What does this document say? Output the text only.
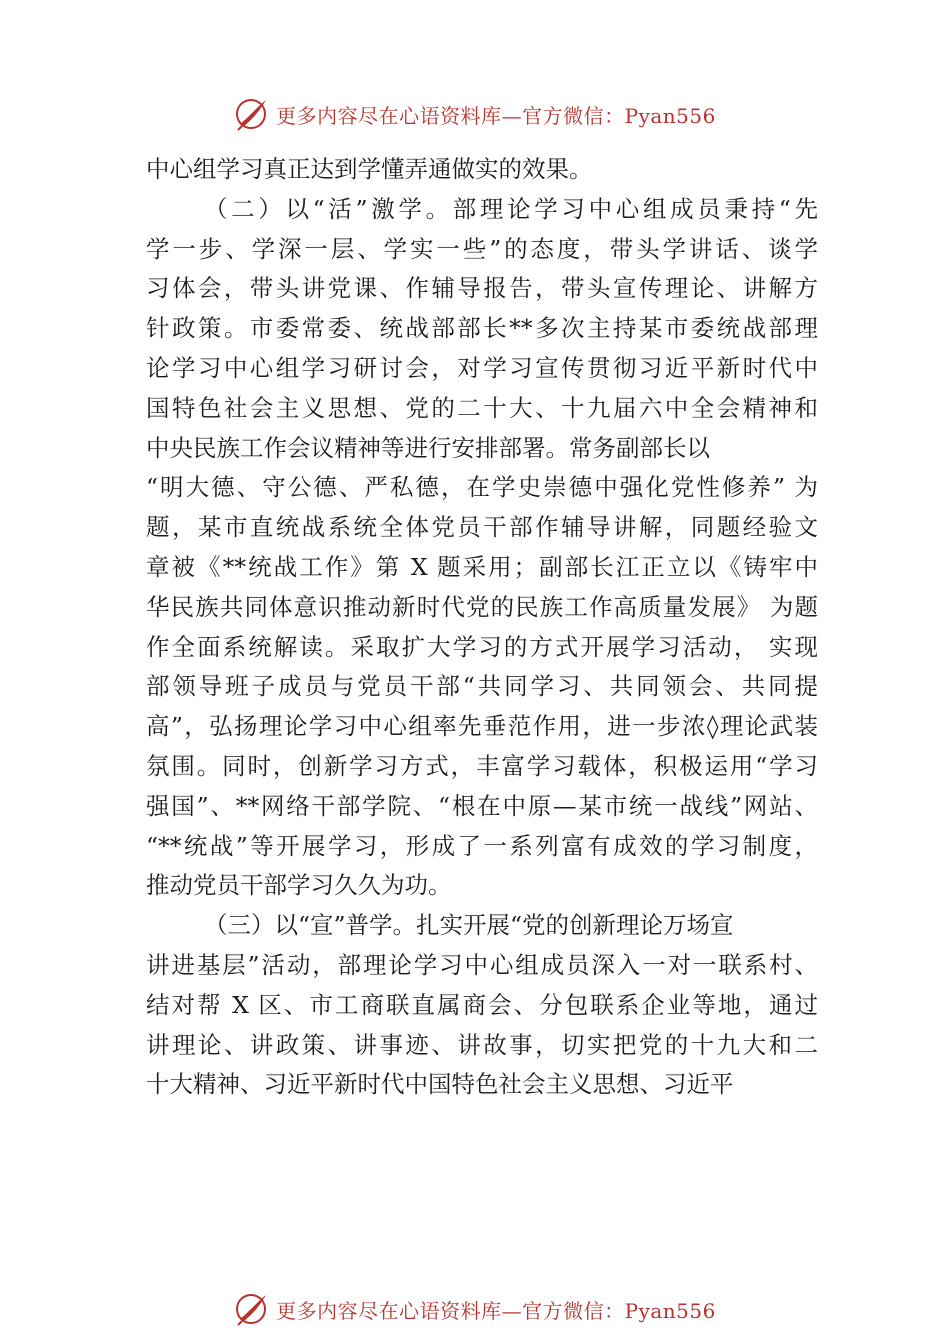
更多内容尽在心语资料库—官方微信：Pyan556
中心组学习真正达到学懂弄通做实的效果。
（二）以“活”激学。部理论学习中心组成员秉持“先
学一步、学深一层、学实一些”的态度，带头学讲话、谈学
习体会，带头讲党课、作辅导报告，带头宣传理论、讲解方
针政策。市委常委、统战部部长**多次主持某市委统战部理
论学习中心组学习研讨会，对学习宣传贯彻习近平新时代中
国特色社会主义思想、党的二十大、十九届六中全会精神和
中央民族工作会议精神等进行安排部署。常务副部长以
“明大德、守公德、严私德，在学史崇德中强化党性修养” 为
题，某市直统战系统全体党员干部作辅导讲解，同题经验文
章被《**统战工作》第 X 题采用；副部长江正立以《铸牢中
华民族共同体意识推动新时代党的民族工作高质量发展》 为题
作全面系统解读。采取扩大学习的方式开展学习活动， 实现
部领导班子成员与党员干部“共同学习、共同领会、共同提
高”，弘扬理论学习中心组率先垂范作用，进一步浓◊理论武装
氛围。同时，创新学习方式，丰富学习载体，积极运用“学习
强国”、**网络干部学院、“根在中原—某市统一战线”网站、
“**统战”等开展学习，形成了一系列富有成效的学习制度，
推动党员干部学习久久为功。
（三）以“宣”普学。扎实开展“党的创新理论万场宣
讲进基层”活动，部理论学习中心组成员深入一对一联系村、
结对帮 X 区、市工商联直属商会、分包联系企业等地，通过
讲理论、讲政策、讲事迹、讲故事，切实把党的十九大和二
十大精神、习近平新时代中国特色社会主义思想、习近平
更多内容尽在心语资料库—官方微信：Pyan556
